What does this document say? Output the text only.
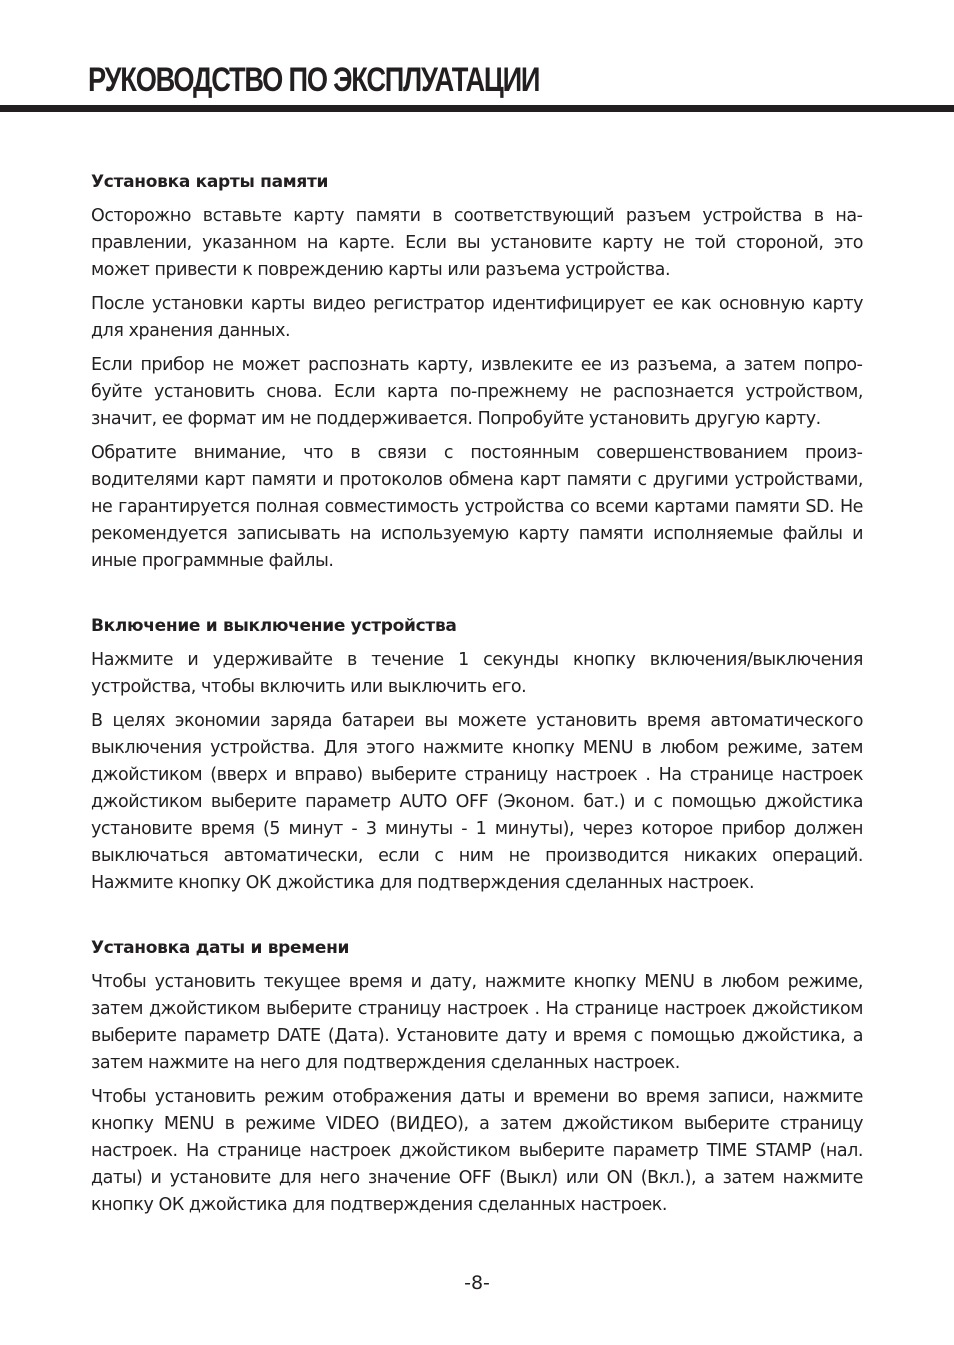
РУКОВОДСТВО ПО ЭКСПЛУАТАЦИИ
Установка карты памяти

Осторожно вставьте карту памяти в соответствующий разъем устройства в направлении, указанном на карте. Если вы установите карту не той стороной, это может привести к повреждению карты или разъема устройства.

После установки карты видео регистратор идентифицирует ее как основную карту для хранения данных.

Если прибор не может распознать карту, извлеките ее из разъема, а затем попробуйте установить снова. Если карта по-прежнему не распознается устройством, значит, ее формат им не поддерживается. Попробуйте установить другую карту.

Обратите внимание, что в связи с постоянным совершенствованием производителями карт памяти и протоколов обмена карт памяти с другими устройствами, не гарантируется полная совместимость устройства со всеми картами памяти SD. Не рекомендуется записывать на используемую карту памяти исполняемые файлы и иные программные файлы.

Включение и выключение устройства

Нажмите и удерживайте в течение 1 секунды кнопку включения/выключения устройства, чтобы включить или выключить его.

В целях экономии заряда батареи вы можете установить время автоматического выключения устройства. Для этого нажмите кнопку MENU в любом режиме, затем джойстиком (вверх и вправо) выберите страницу настроек . На странице настроек джойстиком выберите параметр AUTO OFF (Эконом. бат.) и с помощью джойстика установите время (5 минут - 3 минуты - 1 минуты), через которое прибор должен выключаться автоматически, если с ним не производится никаких операций. Нажмите кнопку ОК джойстика для подтверждения сделанных настроек.

Установка даты и времени

Чтобы установить текущее время и дату, нажмите кнопку MENU в любом режиме, затем джойстиком выберите страницу настроек . На странице настроек джойстиком выберите параметр DATE (Дата). Установите дату и время с помощью джойстика, а затем нажмите на него для подтверждения сделанных настроек.

Чтобы установить режим отображения даты и времени во время записи, нажмите кнопку MENU в режиме VIDEO (ВИДЕО), а затем джойстиком выберите страницу настроек. На странице настроек джойстиком выберите параметр TIME STAMP (нал. даты) и установите для него значение OFF (Выкл) или ON (Вкл.), а затем нажмите кнопку ОК джойстика для подтверждения сделанных настроек.

-8-
